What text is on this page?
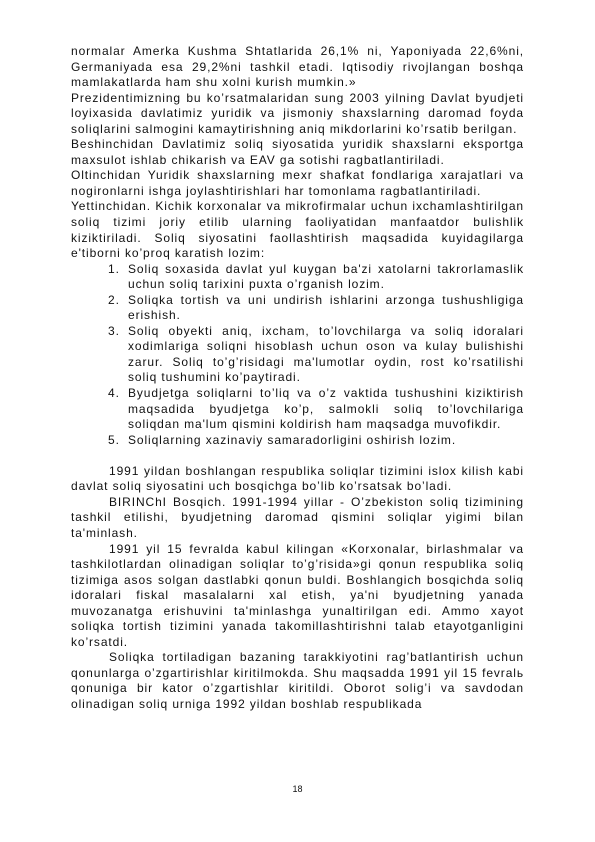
normalar Amerka Kushma Shtatlarida 26,1% ni, Yaponiyada 22,6%ni, Germaniyada esa 29,2%ni tashkil etadi. Iqtisodiy rivojlangan boshqa mamlakatlarda ham shu xolni kurish mumkin.»

Prezidentimizning bu ko’rsatmalaridan sung 2003 yilning Davlat byudjeti loyixasida davlatimiz yuridik va jismoniy shaxslarning daromad foyda soliqlarini salmogini kamaytirishning aniq mikdorlarini ko’rsatib berilgan.

Beshinchidan Davlatimiz soliq siyosatida yuridik shaxslarni eksportga maxsulot ishlab chikarish va EAV ga sotishi ragbatlantiriladi.

Oltinchidan Yuridik shaxslarning mexr shafkat fondlariga xarajatlari va nogironlarni ishga joylashtirishlari har tomonlama ragbatlantiriladi.

Yettinchidan. Kichik korxonalar va mikrofirmalar uchun ixchamlashtirilgan soliq tizimi joriy etilib ularning faoliyatidan manfaatdor bulishlik kiziktiriladi. Soliq siyosatini faollashtirish maqsadida kuyidagilarga e'tiborni ko’proq karatish lozim:

1. Soliq soxasida davlat yul kuygan ba'zi xatolarni takrorlamaslik uchun soliq tarixini puxta o’rganish lozim.
2. Soliqka tortish va uni undirish ishlarini arzonga tushushligiga erishish.
3. Soliq obyekti aniq, ixcham, to’lovchilarga va soliq idoralari xodimlariga soliqni hisoblash uchun oson va kulay bulishishi zarur. Soliq to’g’risidagi ma'lumotlar oydin, rost ko’rsatilishi soliq tushumini ko’paytiradi.
4. Byudjetga soliqlarni to’liq va o’z vaktida tushushini kiziktirish maqsadida byudjetga ko’p, salmokli soliq to’lovchilariga soliqdan ma'lum qismini koldirish ham maqsadga muvofikdir.
5. Soliqlarning xazinaviy samaradorligini oshirish lozim.

1991 yildan boshlangan respublika soliqlar tizimini islox kilish kabi davlat soliq siyosatini uch bosqichga bo’lib ko’rsatsak bo’ladi.

BIRINChI Bosqich. 1991-1994 yillar - O’zbekiston soliq tizimining tashkil etilishi, byudjetning daromad qismini soliqlar yigimi bilan ta'minlash.

1991 yil 15 fevralda kabul kilingan «Korxonalar, birlashmalar va tashkilotlardan olinadigan soliqlar to’g’risida»gi qonun respublika soliq tizimiga asos solgan dastlabki qonun buldi. Boshlangich bosqichda soliq idoralari fiskal masalalarni xal etish, ya'ni byudjetning yanada muvozanatga erishuvini ta'minlashga yunaltirilgan edi. Ammo xayot soliqka tortish tizimini yanada takomillashtirishni talab etayotganligini ko’rsatdi.

Soliqka tortiladigan bazaning tarakkiyotini rag’batlantirish uchun qonunlarga o’zgartirishlar kiritilmokda. Shu maqsadda 1991 yil 15 fevralь qonuniga bir kator o’zgartishlar kiritildi. Oborot solig’i va savdodan olinadigan soliq urniga 1992 yildan boshlab respublikada

18
